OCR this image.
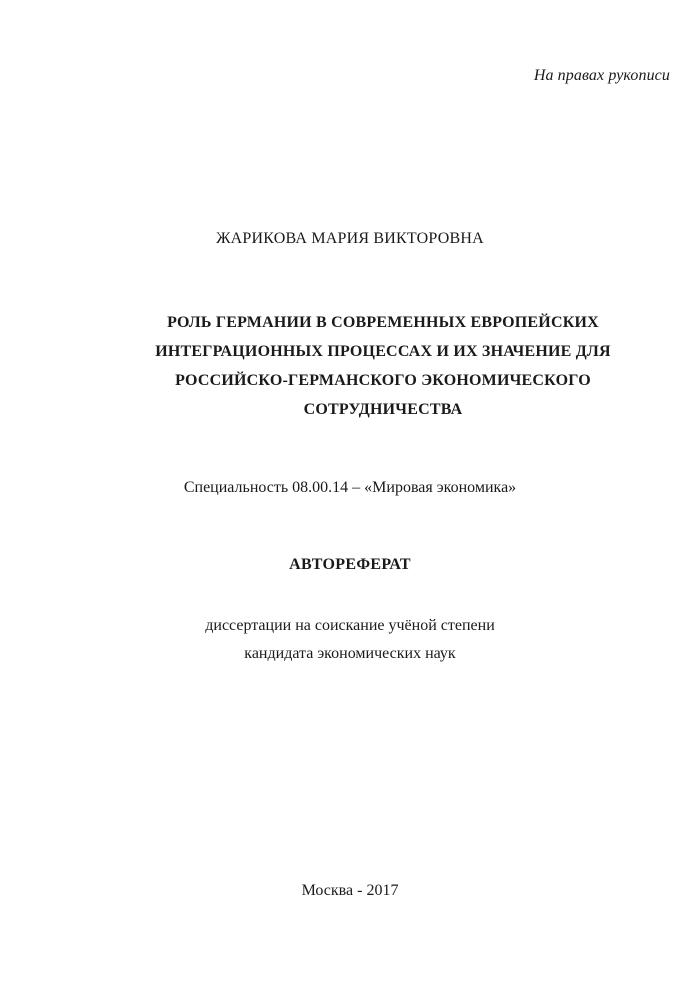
На правах рукописи
ЖАРИКОВА МАРИЯ ВИКТОРОВНА
РОЛЬ ГЕРМАНИИ В СОВРЕМЕННЫХ ЕВРОПЕЙСКИХ
ИНТЕГРАЦИОННЫХ ПРОЦЕССАХ И ИХ ЗНАЧЕНИЕ ДЛЯ
РОССИЙСКО-ГЕРМАНСКОГО ЭКОНОМИЧЕСКОГО
СОТРУДНИЧЕСТВА
Специальность 08.00.14 – «Мировая экономика»
АВТОРЕФЕРАТ
диссертации на соискание учёной степени
кандидата экономических наук
Москва - 2017
